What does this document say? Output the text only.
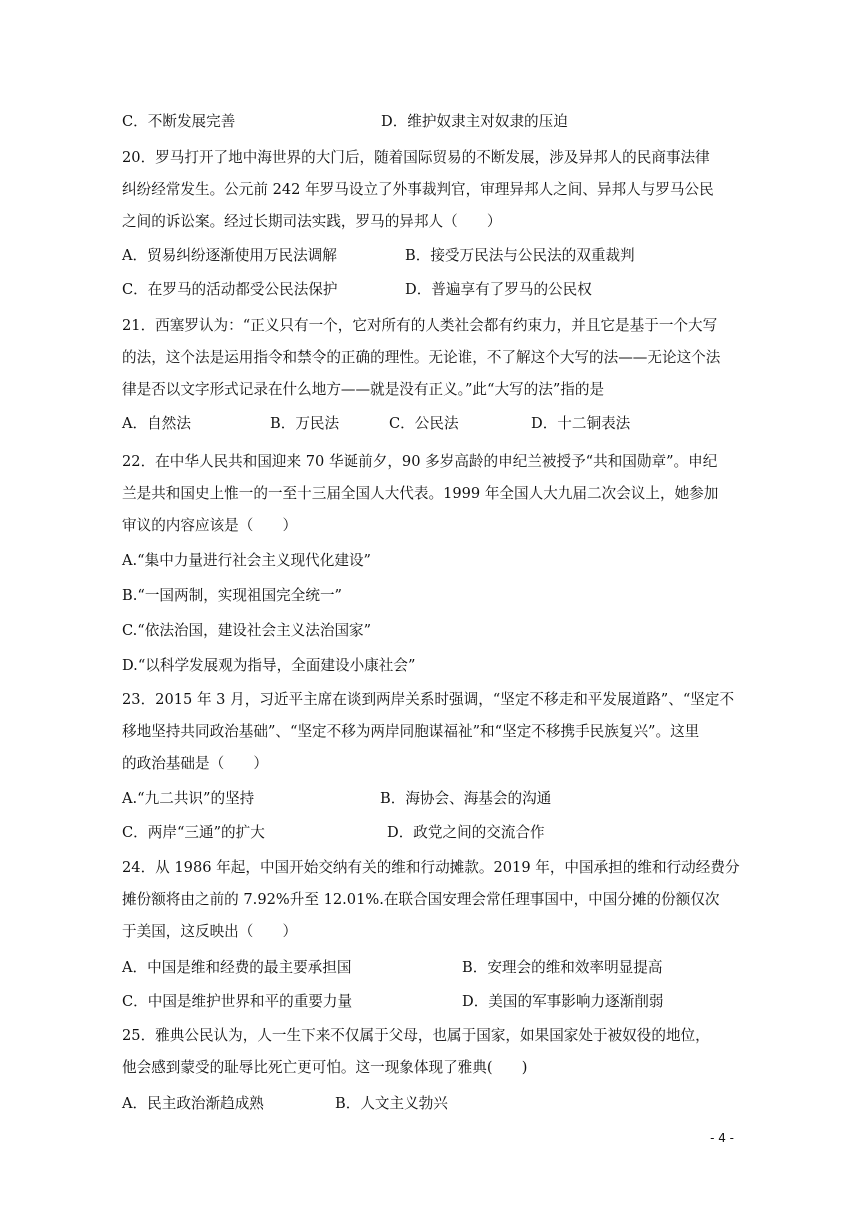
C．不断发展完善	D．维护奴隶主对奴隶的压迫
20．罗马打开了地中海世界的大门后，随着国际贸易的不断发展，涉及异邦人的民商事法律
纠纷经常发生。公元前 242 年罗马设立了外事裁判官，审理异邦人之间、异邦人与罗马公民
之间的诉讼案。经过长期司法实践，罗马的异邦人（　　）
A．贸易纠纷逐渐使用万民法调解	B．接受万民法与公民法的双重裁判
C．在罗马的活动都受公民法保护	D．普遍享有了罗马的公民权
21．西塞罗认为：“正义只有一个，它对所有的人类社会都有约束力，并且它是基于一个大写
的法，这个法是运用指令和禁令的正确的理性。无论谁，不了解这个大写的法——无论这个法
律是否以文字形式记录在什么地方——就是没有正义。”此“大写的法”指的是
A．自然法	B．万民法	C．公民法	D．十二铜表法
22．在中华人民共和国迎来 70 华诞前夕，90 多岁高龄的申纪兰被授予“共和国勋章”。申纪
兰是共和国史上惟一的一至十三届全国人大代表。1999 年全国人大九届二次会议上，她参加
审议的内容应该是（　　）
A.“集中力量进行社会主义现代化建设”
B.“一国两制，实现祖国完全统一”
C.“依法治国，建设社会主义法治国家”
D.“以科学发展观为指导，全面建设小康社会”
23．2015 年 3 月，习近平主席在谈到两岸关系时强调，“坚定不移走和平发展道路”、“坚定不
移地坚持共同政治基础”、“坚定不移为两岸同胞谋福祉”和“坚定不移携手民族复兴”。这里
的政治基础是（　　）
A.“九二共识”的坚持	B．海协会、海基会的沟通
C．两岸“三通”的扩大	D．政党之间的交流合作
24．从 1986 年起，中国开始交纳有关的维和行动摊款。2019 年，中国承担的维和行动经费分
摊份额将由之前的 7.92%升至 12.01%.在联合国安理会常任理事国中，中国分摊的份额仅次
于美国，这反映出（　　）
A．中国是维和经费的最主要承担国	B．安理会的维和效率明显提高
C．中国是维护世界和平的重要力量	D．美国的军事影响力逐渐削弱
25．雅典公民认为，人一生下来不仅属于父母，也属于国家，如果国家处于被奴役的地位，
他会感到蒙受的耻辱比死亡更可怕。这一现象体现了雅典(　　)
A．民主政治渐趋成熟	B．人文主义勃兴
- 4 -
